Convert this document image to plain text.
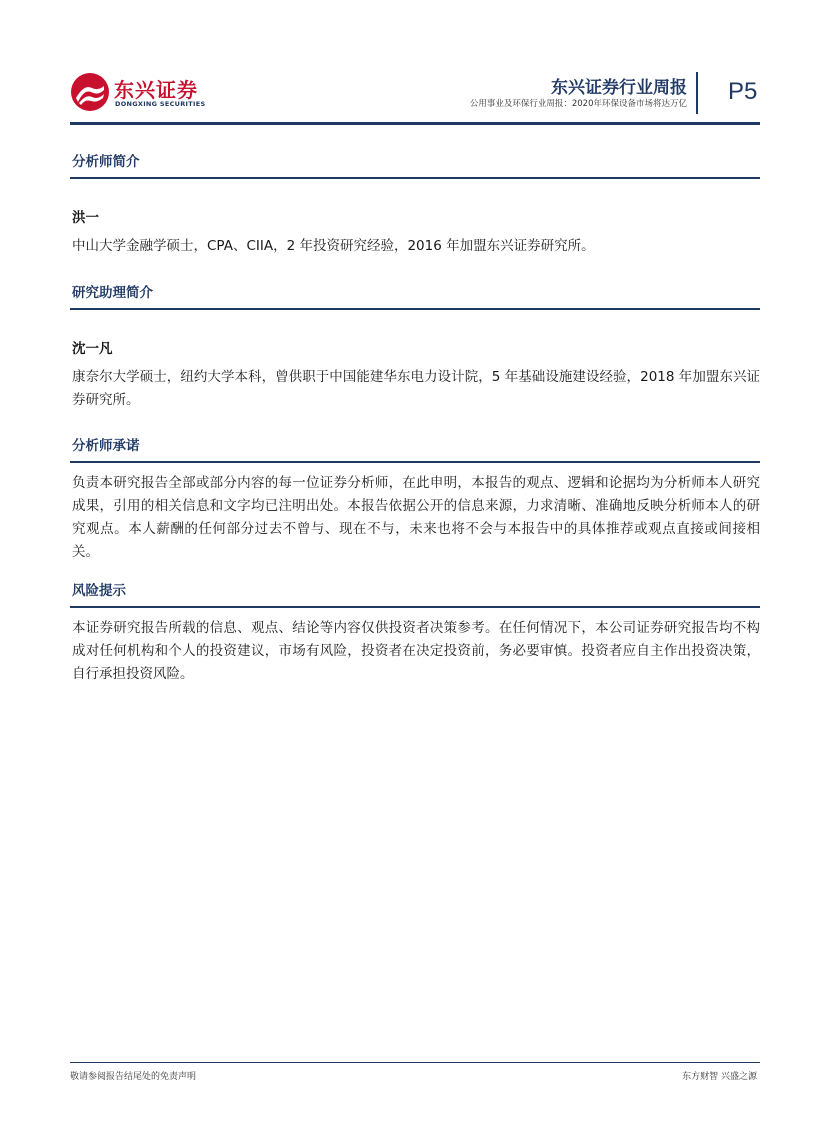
东兴证券
DONGXING SECURITIES
东兴证券行业周报
公用事业及环保行业周报：2020年环保设备市场将达万亿 P5
分析师简介
洪一
中山大学金融学硕士，CPA、CIIA，2 年投资研究经验，2016 年加盟东兴证券研究所。
研究助理简介
沈一凡
康奈尔大学硕士，纽约大学本科，曾供职于中国能建华东电力设计院，5 年基础设施建设经验，2018 年加盟东兴证券研究所。
分析师承诺
负责本研究报告全部或部分内容的每一位证券分析师，在此申明，本报告的观点、逻辑和论据均为分析师本人研究成果，引用的相关信息和文字均已注明出处。本报告依据公开的信息来源，力求清晰、准确地反映分析师本人的研究观点。本人薪酬的任何部分过去不曾与、现在不与，未来也将不会与本报告中的具体推荐或观点直接或间接相关。
风险提示
本证券研究报告所载的信息、观点、结论等内容仅供投资者决策参考。在任何情况下，本公司证券研究报告均不构成对任何机构和个人的投资建议，市场有风险，投资者在决定投资前，务必要审慎。投资者应自主作出投资决策，自行承担投资风险。
敬请参阅报告结尾处的免责声明	东方财智 兴盛之源
